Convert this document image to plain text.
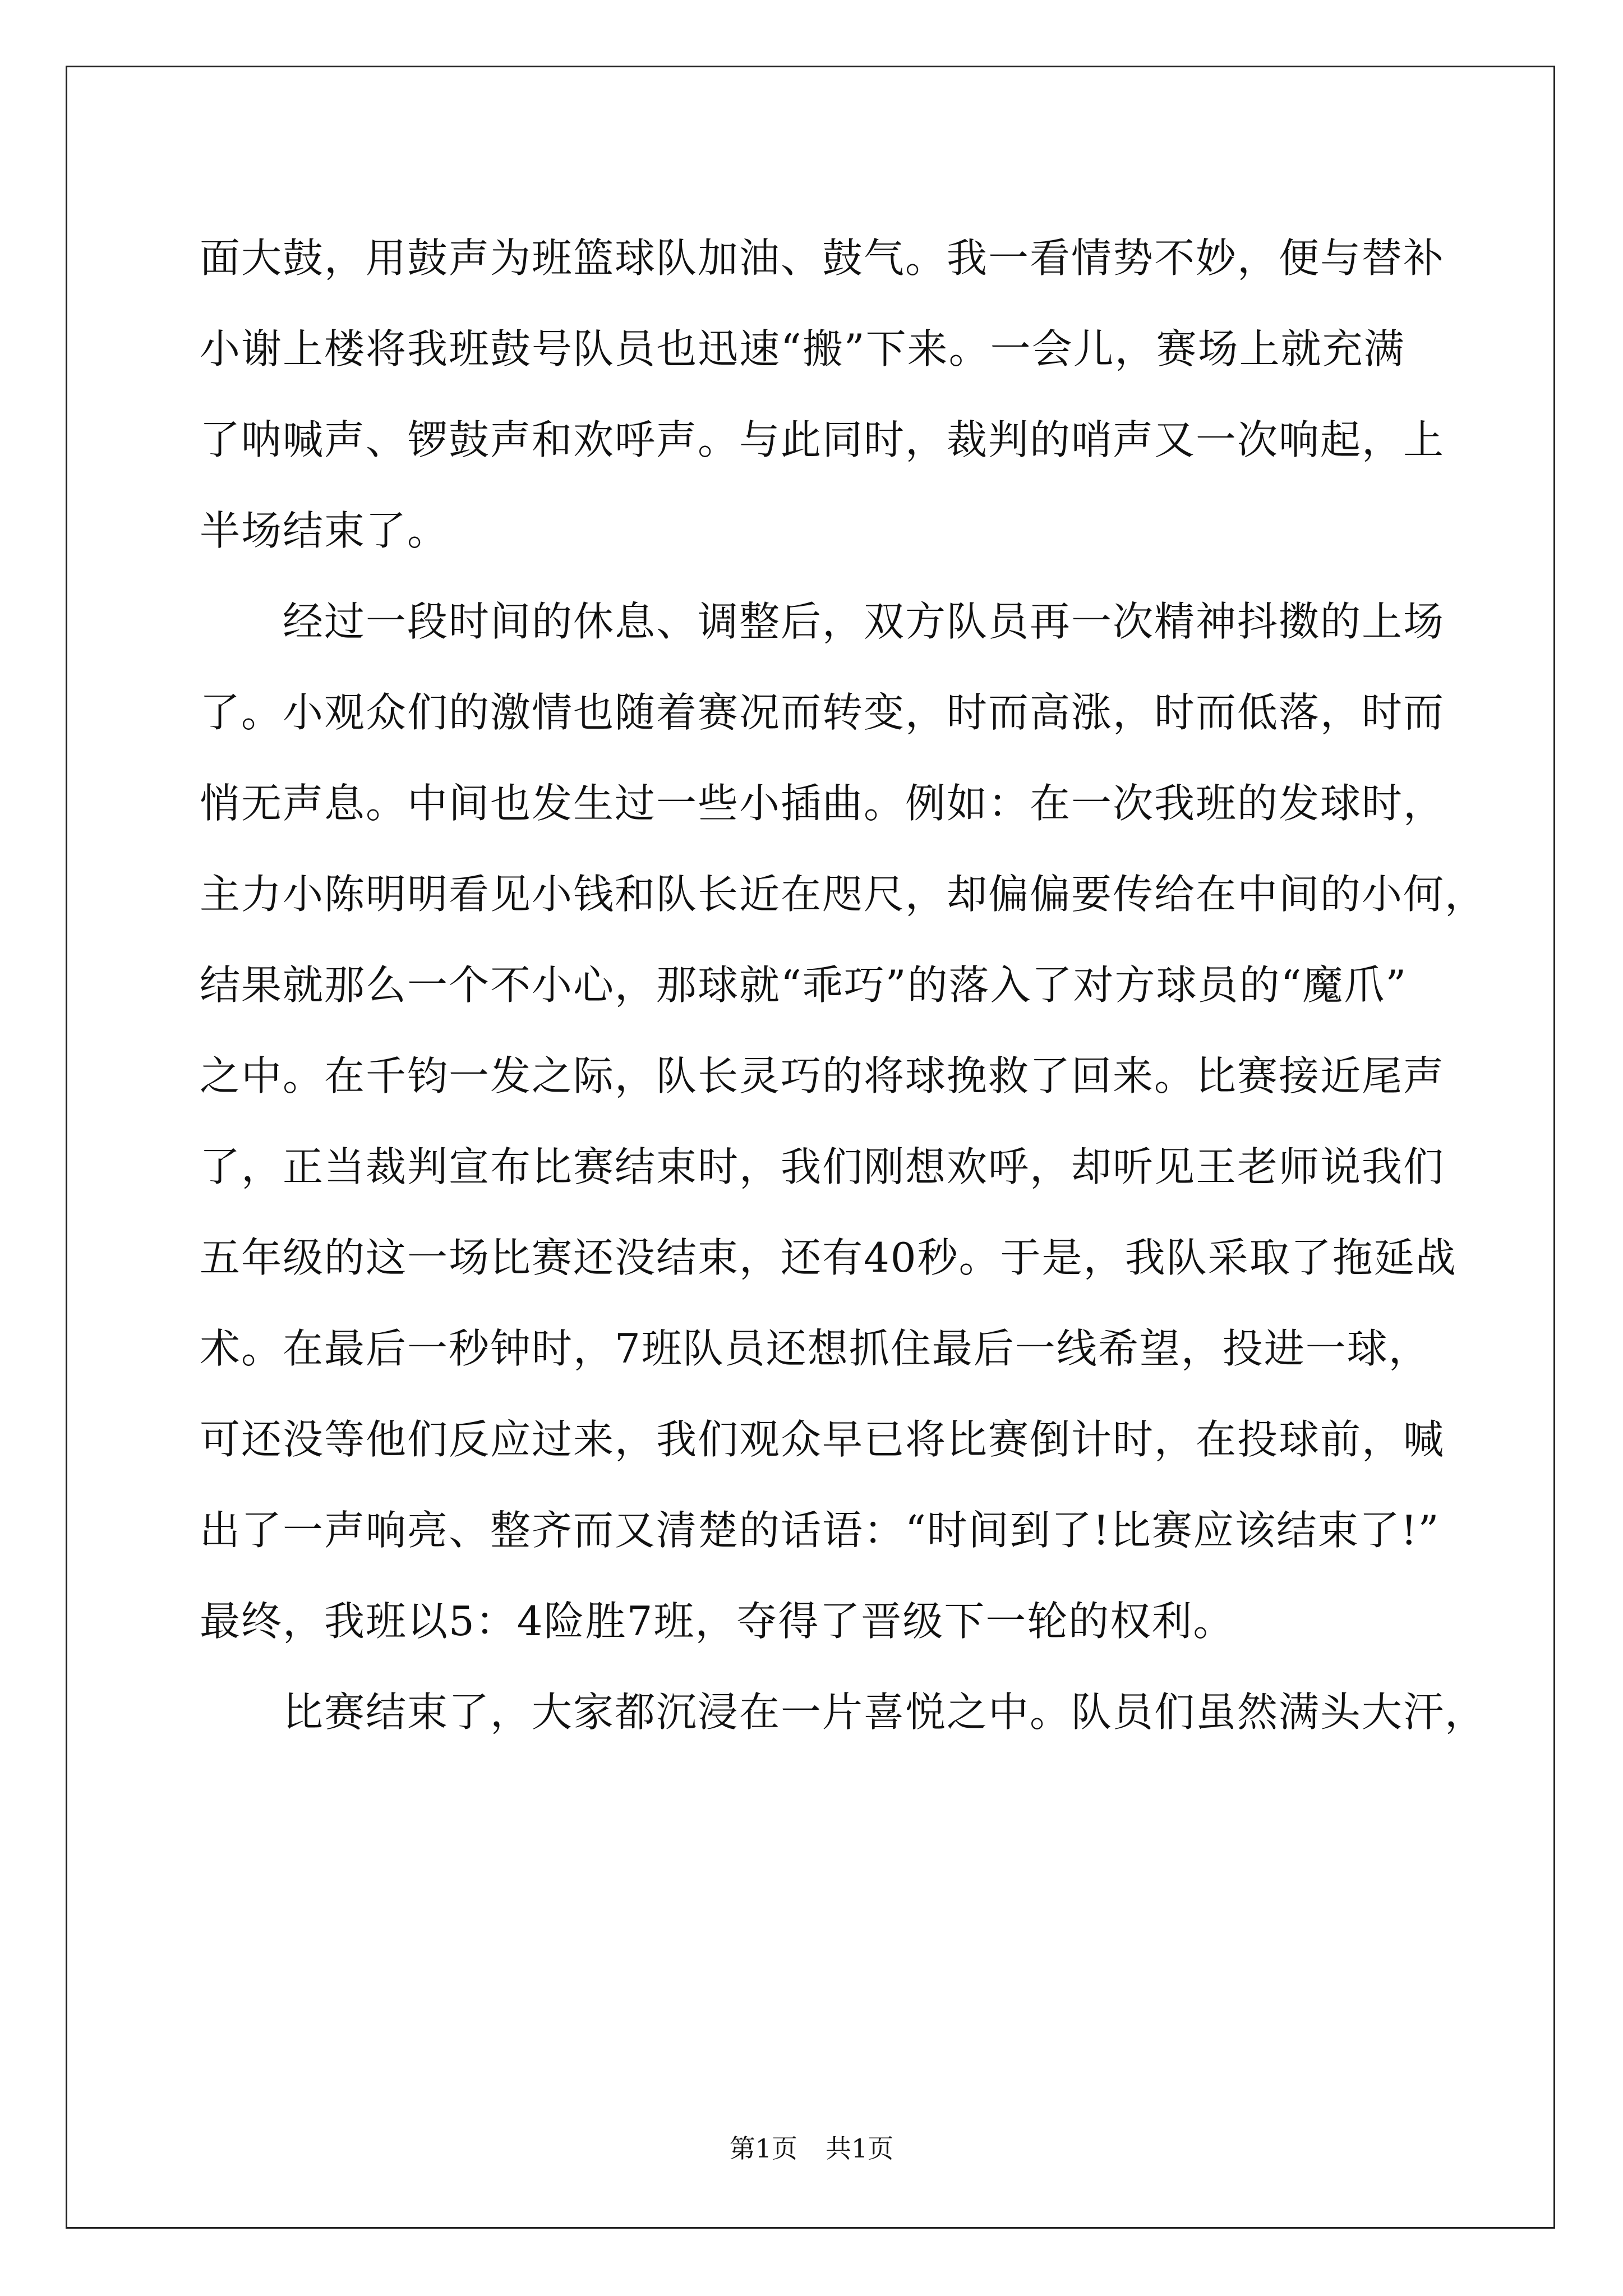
面大鼓，用鼓声为班篮球队加油、鼓气。我一看情势不妙，便与替补
小谢上楼将我班鼓号队员也迅速“搬”下来。一会儿，赛场上就充满
了呐喊声、锣鼓声和欢呼声。与此同时，裁判的哨声又一次响起，上
半场结束了。
经过一段时间的休息、调整后，双方队员再一次精神抖擞的上场
了。小观众们的激情也随着赛况而转变，时而高涨，时而低落，时而
悄无声息。中间也发生过一些小插曲。例如：在一次我班的发球时，
主力小陈明明看见小钱和队长近在咫尺，却偏偏要传给在中间的小何，
结果就那么一个不小心，那球就“乖巧”的落入了对方球员的“魔爪”
之中。在千钧一发之际，队长灵巧的将球挽救了回来。比赛接近尾声
了，正当裁判宣布比赛结束时，我们刚想欢呼，却听见王老师说我们
五年级的这一场比赛还没结束，还有40秒。于是，我队采取了拖延战
术。在最后一秒钟时，7班队员还想抓住最后一线希望，投进一球，
可还没等他们反应过来，我们观众早已将比赛倒计时，在投球前，喊
出了一声响亮、整齐而又清楚的话语：“时间到了!比赛应该结束了!”
最终，我班以5：4险胜7班，夺得了晋级下一轮的权利。
比赛结束了，大家都沉浸在一片喜悦之中。队员们虽然满头大汗，
第1页 共1页
